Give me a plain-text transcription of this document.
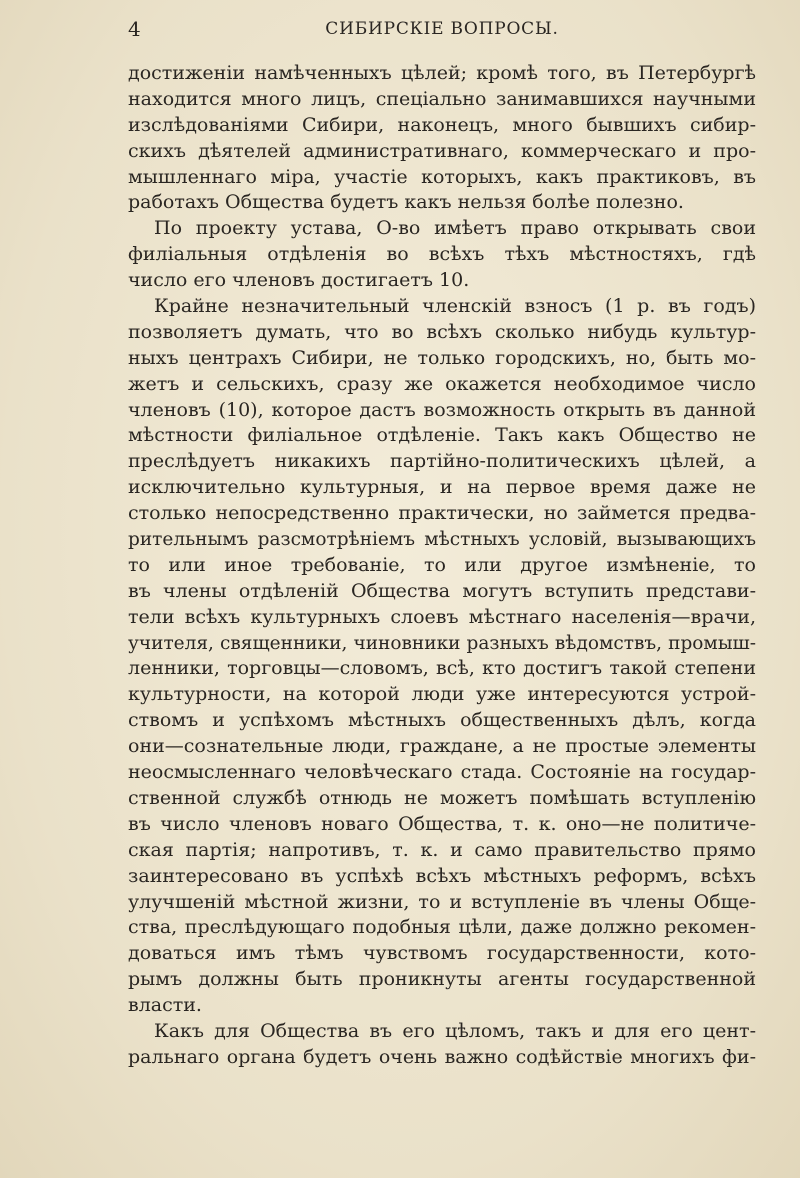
4	СИБИРСКІЕ ВОПРОСЫ.
достиженіи намѣченныхъ цѣлей; кромѣ того, въ Петербургѣ
находится много лицъ, спеціально занимавшихся научными
изслѣдованіями Сибири, наконецъ, много бывшихъ сибир-
скихъ дѣятелей административнаго, коммерческаго и про-
мышленнаго міра, участіе которыхъ, какъ практиковъ, въ
работахъ Общества будетъ какъ нельзя болѣе полезно.
По проекту устава, О-во имѣетъ право открывать свои
филіальныя отдѣленія во всѣхъ тѣхъ мѣстностяхъ, гдѣ
число его членовъ достигаетъ 10.
Крайне незначительный членскій взносъ (1 р. въ годъ)
позволяетъ думать, что во всѣхъ сколько нибудь культур-
ныхъ центрахъ Сибири, не только городскихъ, но, быть мо-
жетъ и сельскихъ, сразу же окажется необходимое число
членовъ (10), которое дастъ возможность открыть въ данной
мѣстности филіальное отдѣленіе. Такъ какъ Общество не
преслѣдуетъ никакихъ партійно-политическихъ цѣлей, а
исключительно культурныя, и на первое время даже не
столько непосредственно практически, но займется предва-
рительнымъ разсмотрѣніемъ мѣстныхъ условій, вызывающихъ
то или иное требованіе, то или другое измѣненіе, то
въ члены отдѣленій Общества могутъ вступить представи-
тели всѣхъ культурныхъ слоевъ мѣстнаго населенія—врачи,
учителя, священники, чиновники разныхъ вѣдомствъ, промыш-
ленники, торговцы—словомъ, всѣ, кто достигъ такой степени
культурности, на которой люди уже интересуются устрой-
ствомъ и успѣхомъ мѣстныхъ общественныхъ дѣлъ, когда
они—сознательные люди, граждане, а не простые элементы
неосмысленнаго человѣческаго стада. Состояніе на государ-
ственной службѣ отнюдь не можетъ помѣшать вступленію
въ число членовъ новаго Общества, т. к. оно—не политиче-
ская партія; напротивъ, т. к. и само правительство прямо
заинтересовано въ успѣхѣ всѣхъ мѣстныхъ реформъ, всѣхъ
улучшеній мѣстной жизни, то и вступленіе въ члены Обще-
ства, преслѣдующаго подобныя цѣли, даже должно рекомен-
доваться имъ тѣмъ чувствомъ государственности, кото-
рымъ должны быть проникнуты агенты государственной
власти.
Какъ для Общества въ его цѣломъ, такъ и для его цент-
ральнаго органа будетъ очень важно содѣйствіе многихъ фи-
